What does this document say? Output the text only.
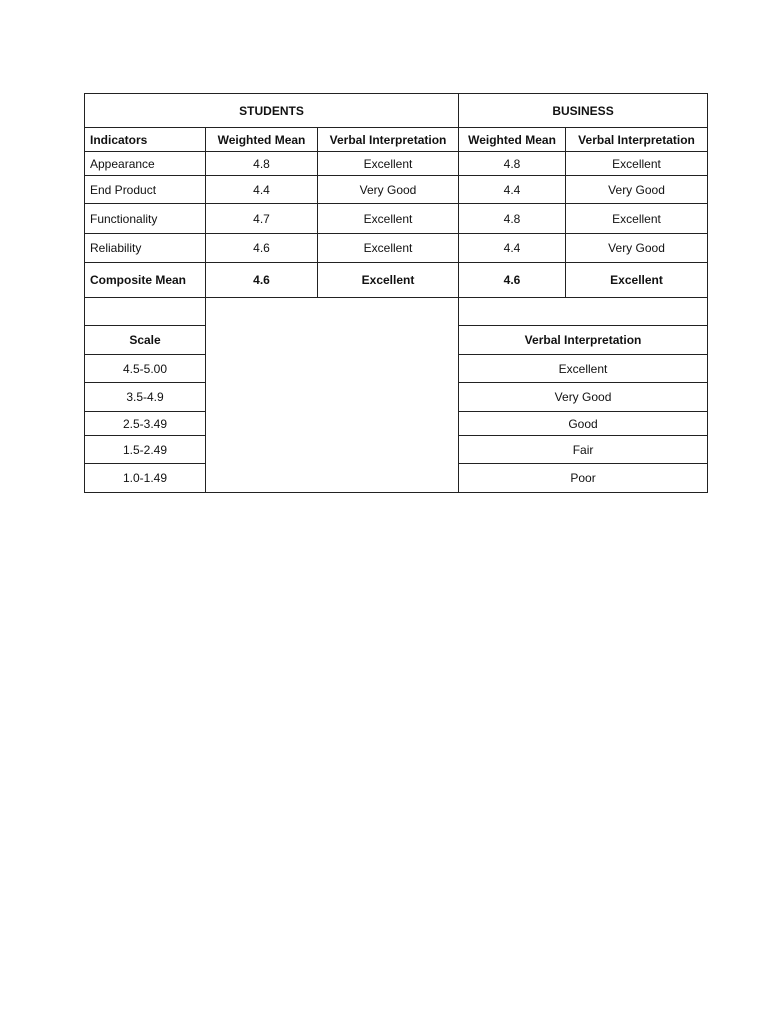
STUDENTS			BUSINESS	
Indicators	Weighted Mean	Verbal Interpretation	Weighted Mean	Verbal Interpretation
Appearance	4.8	Excellent	4.8	Excellent
End Product	4.4	Very Good	4.4	Very Good
Functionality	4.7	Excellent	4.8	Excellent
Reliability	4.6	Excellent	4.4	Very Good
Composite Mean	4.6	Excellent	4.6	Excellent

Scale			Verbal Interpretation	
4.5-5.00			Excellent	
3.5-4.9			Very Good	
2.5-3.49			Good	
1.5-2.49			Fair	
1.0-1.49			Poor	
